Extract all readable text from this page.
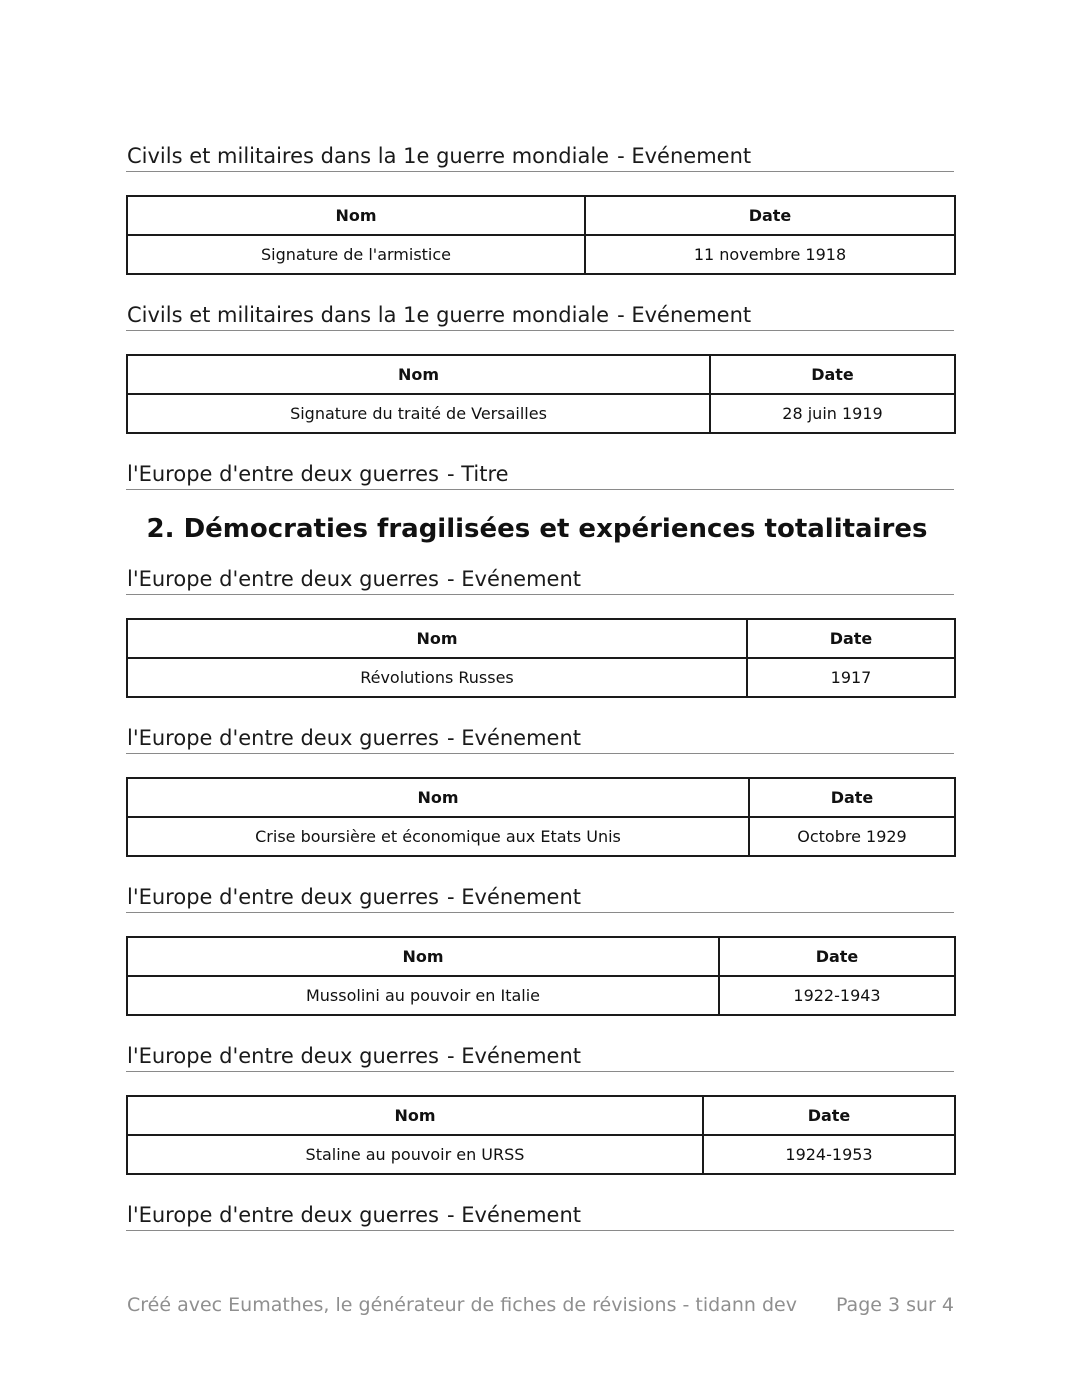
Civils et militaires dans la 1e guerre mondiale - Evénement
Nom	Date
Signature de l'armistice	11 novembre 1918
Civils et militaires dans la 1e guerre mondiale - Evénement
Nom	Date
Signature du traité de Versailles	28 juin 1919
l'Europe d'entre deux guerres - Titre
2. Démocraties fragilisées et expériences totalitaires
l'Europe d'entre deux guerres - Evénement
Nom	Date
Révolutions Russes	1917
l'Europe d'entre deux guerres - Evénement
Nom	Date
Crise boursière et économique aux Etats Unis	Octobre 1929
l'Europe d'entre deux guerres - Evénement
Nom	Date
Mussolini au pouvoir en Italie	1922-1943
l'Europe d'entre deux guerres - Evénement
Nom	Date
Staline au pouvoir en URSS	1924-1953
l'Europe d'entre deux guerres - Evénement
Créé avec Eumathes, le générateur de fiches de révisions - tidann dev Page 3 sur 4
